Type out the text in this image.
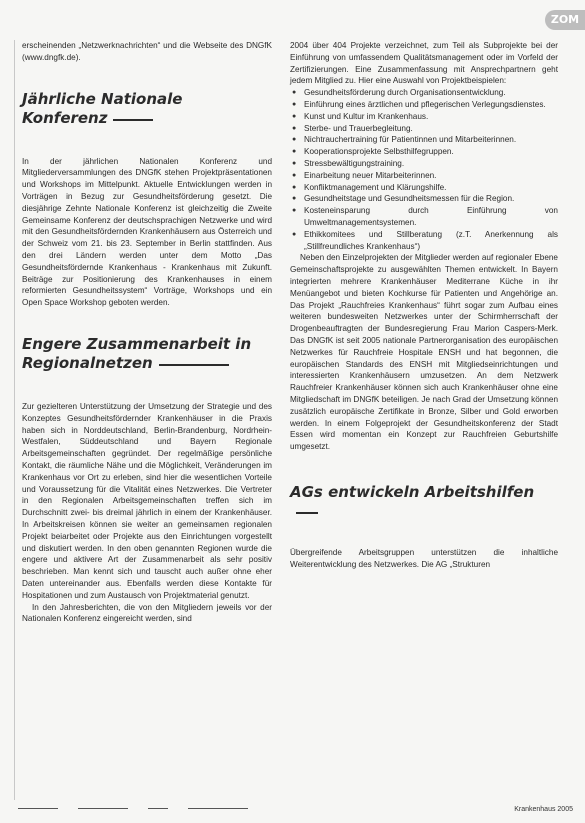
ZOM

erscheinenden „Netzwerknachrichten“ und die Webseite des DNGfK (www.dngfk.de).

Jährliche Nationale Konferenz

In der jährlichen Nationalen Konferenz und Mitgliederversammlungen des DNGfK stehen Projektpräsentationen und Workshops im Mittelpunkt. Aktuelle Entwicklungen werden in Vorträgen in Bezug zur Gesundheitsförderung gesetzt. Die diesjährige Zehnte Nationale Konferenz ist gleichzeitig die Zweite Gemeinsame Konferenz der deutschsprachigen Netzwerke und wird mit den Gesundheitsfördernden Krankenhäusern aus Österreich und der Schweiz vom 21. bis 23. September in Berlin stattfinden. Aus den drei Ländern werden unter dem Motto „Das Gesundheitsfördernde Krankenhaus - Krankenhaus mit Zukunft. Beiträge zur Positionierung des Krankenhauses in einem reformierten Gesundheitssystem“ Vorträge, Workshops und ein Open Space Workshop geboten werden.

Engere Zusammenarbeit in Regionalnetzen

Zur gezielteren Unterstützung der Umsetzung der Strategie und des Konzeptes Gesundheitsfördernder Krankenhäuser in die Praxis haben sich in Norddeutschland, Berlin-Brandenburg, Nordrhein-Westfalen, Süddeutschland und Bayern Regionale Arbeitsgemeinschaften gegründet. Der regelmäßige persönliche Kontakt, die räumliche Nähe und die Möglichkeit, Veränderungen im Krankenhaus vor Ort zu erleben, sind hier die wesentlichen Vorteile und Voraussetzung für die Vitalität eines Netzwerkes. Die Vertreter in den Regionalen Arbeitsgemeinschaften treffen sich im Durchschnitt zwei- bis dreimal jährlich in einem der Krankenhäuser. In Arbeitskreisen können sie weiter an gemeinsamen regionalen Projekt beiarbeitet oder Projekte aus den Einrichtungen vorgestellt und diskutiert werden. In den oben genannten Regionen wurde die engere und aktivere Art der Zusammenarbeit als sehr positiv beschrieben. Man kennt sich und tauscht auch außer ohne eher Daten untereinander aus. Ebenfalls werden diese Kontakte für Hospitationen und zum Austausch von Projektmaterial genutzt.

In den Jahresberichten, die von den Mitgliedern jeweils vor der Nationalen Konferenz eingereicht werden, sind

2004 über 404 Projekte verzeichnet, zum Teil als Subprojekte bei der Einführung von umfassendem Qualitätsmanagement oder im Vorfeld der Zertifizierungen. Eine Zusammenfassung mit Ansprechpartnern geht jedem Mitglied zu. Hier eine Auswahl von Projektbeispielen:

● Gesundheitsförderung durch Organisationsentwicklung.
● Einführung eines ärztlichen und pflegerischen Verlegungsdienstes.
● Kunst und Kultur im Krankenhaus.
● Sterbe- und Trauerbegleitung.
● Nichtrauchertraining für Patientinnen und Mitarbeiterinnen.
● Kooperationsprojekte Selbsthilfegruppen.
● Stressbewältigungstraining.
● Einarbeitung neuer Mitarbeiterinnen.
● Konfliktmanagement und Klärungshilfe.
● Gesundheitstage und Gesundheitsmessen für die Region.
● Kosteneinsparung durch Einführung von Umweltmanagementsystemen.
● Ethikkomitees und Stillberatung (z.T. Anerkennung als „Stillfreundliches Krankenhaus“)

Neben den Einzelprojekten der Mitglieder werden auf regionaler Ebene Gemeinschaftsprojekte zu ausgewählten Themen entwickelt. In Bayern integrierten mehrere Krankenhäuser Mediterrane Küche in ihr Menüangebot und bieten Kochkurse für Patienten und Angehörige an. Das Projekt „Rauchfreies Krankenhaus“ führt sogar zum Aufbau eines weiteren bundesweiten Netzwerkes unter der Schirmherrschaft der Drogenbeauftragten der Bundesregierung Frau Marion Caspers-Merk. Das DNGfK ist seit 2005 nationale Partnerorganisation des europäischen Netzwerkes für Rauchfreie Hospitale ENSH und hat begonnen, die europäischen Standards des ENSH mit Mitgliedseinrichtungen und interessierten Krankenhäusern umzusetzen. An dem Netzwerk Rauchfreier Krankenhäuser können sich auch Krankenhäuser ohne eine Mitgliedschaft im DNGfK beteiligen. Je nach Grad der Umsetzung können zusätzlich europäische Zertifikate in Bronze, Silber und Gold erworben werden. In einem Folgeprojekt der Gesundheitskonferenz der Stadt Essen wird momentan ein Konzept zur Rauchfreien Geburtshilfe umgesetzt.

AGs entwickeln Arbeitshilfen

Übergreifende Arbeitsgruppen unterstützen die inhaltliche Weiterentwicklung des Netzwerkes. Die AG „Strukturen

Krankenhaus 2005
